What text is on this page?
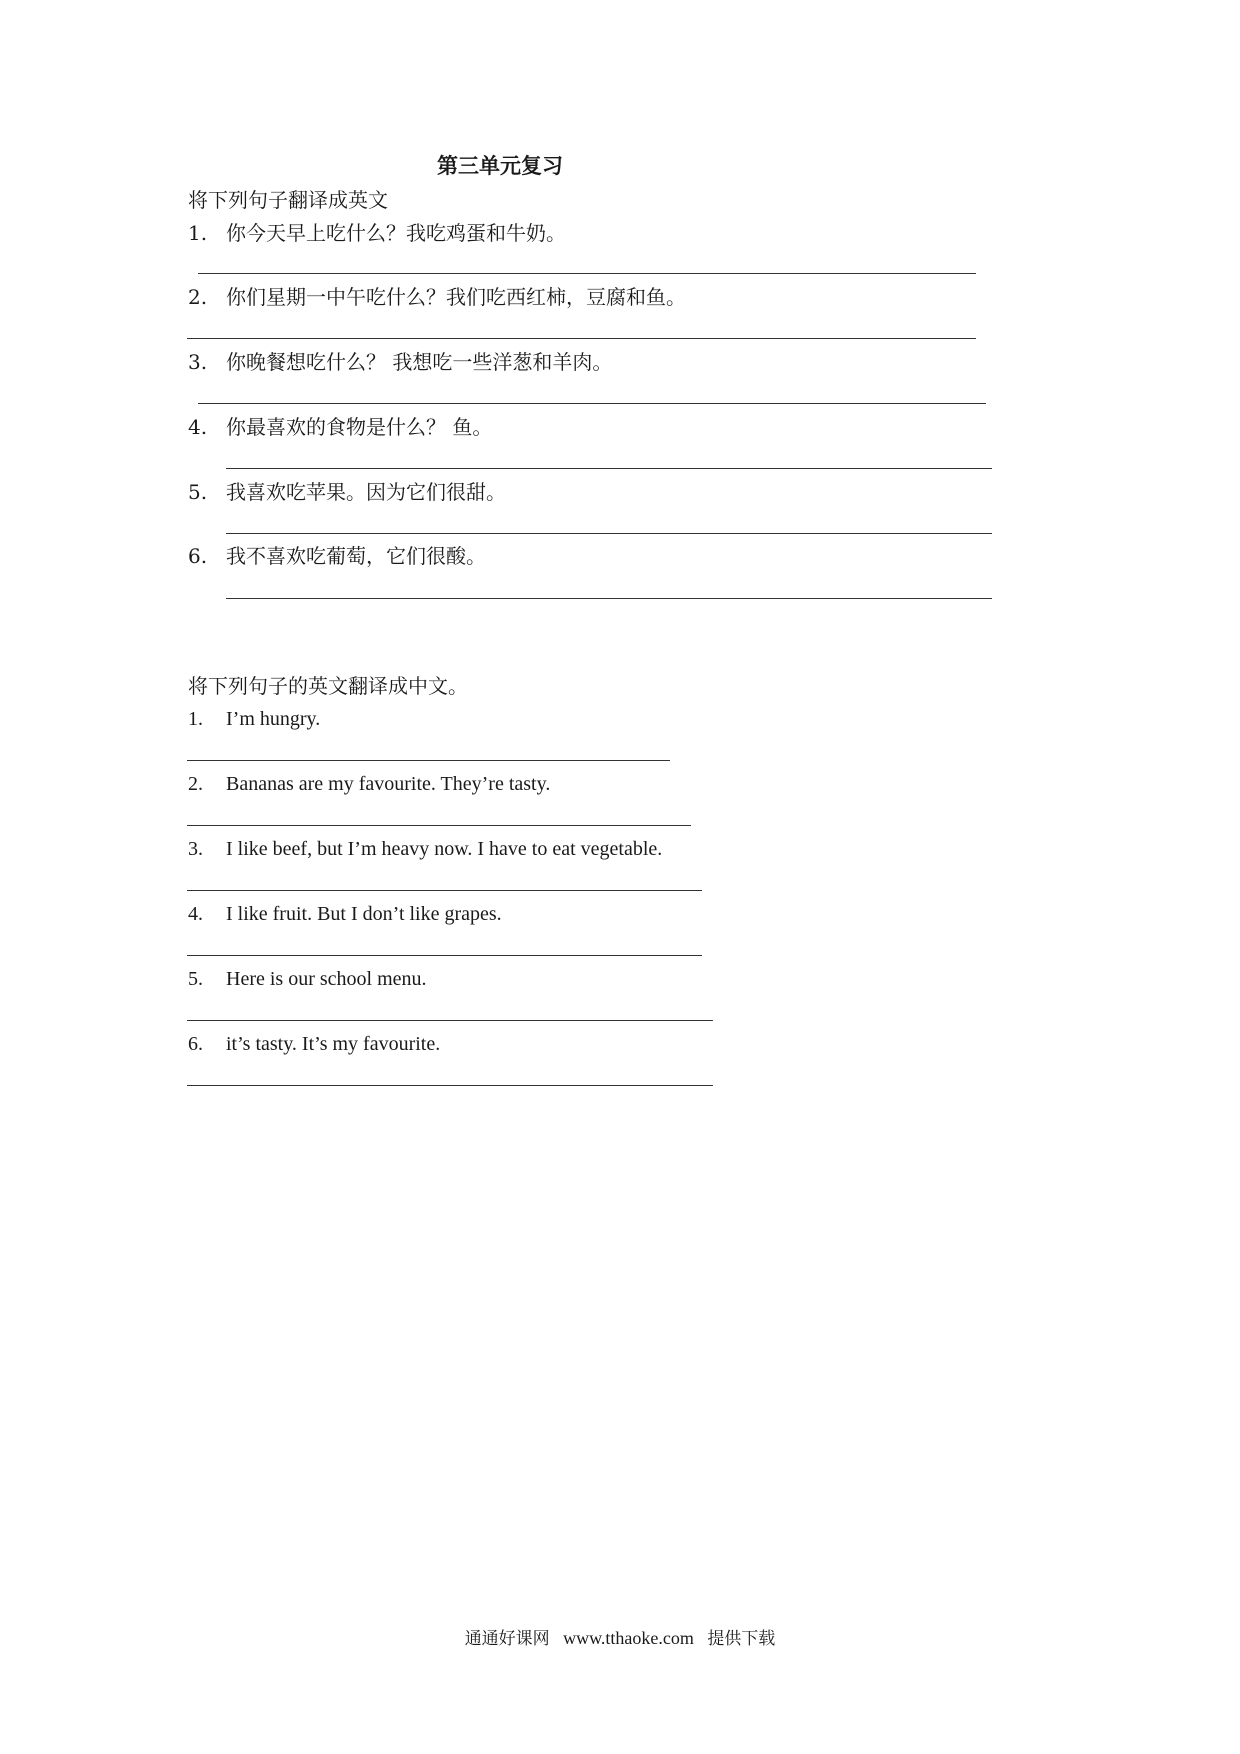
第三单元复习

将下列句子翻译成英文

1. 你今天早上吃什么？我吃鸡蛋和牛奶。
2. 你们星期一中午吃什么？我们吃西红柿，豆腐和鱼。
3. 你晚餐想吃什么？ 我想吃一些洋葱和羊肉。
4. 你最喜欢的食物是什么？ 鱼。
5. 我喜欢吃苹果。因为它们很甜。
6. 我不喜欢吃葡萄，它们很酸。

将下列句子的英文翻译成中文。

1. I’m hungry.
2. Bananas are my favourite. They’re tasty.
3. I like beef, but I’m heavy now. I have to eat vegetable.
4. I like fruit. But I don’t like grapes.
5. Here is our school menu.
6. it’s tasty. It’s my favourite.
通通好课网 www.tthaoke.com 提供下载
